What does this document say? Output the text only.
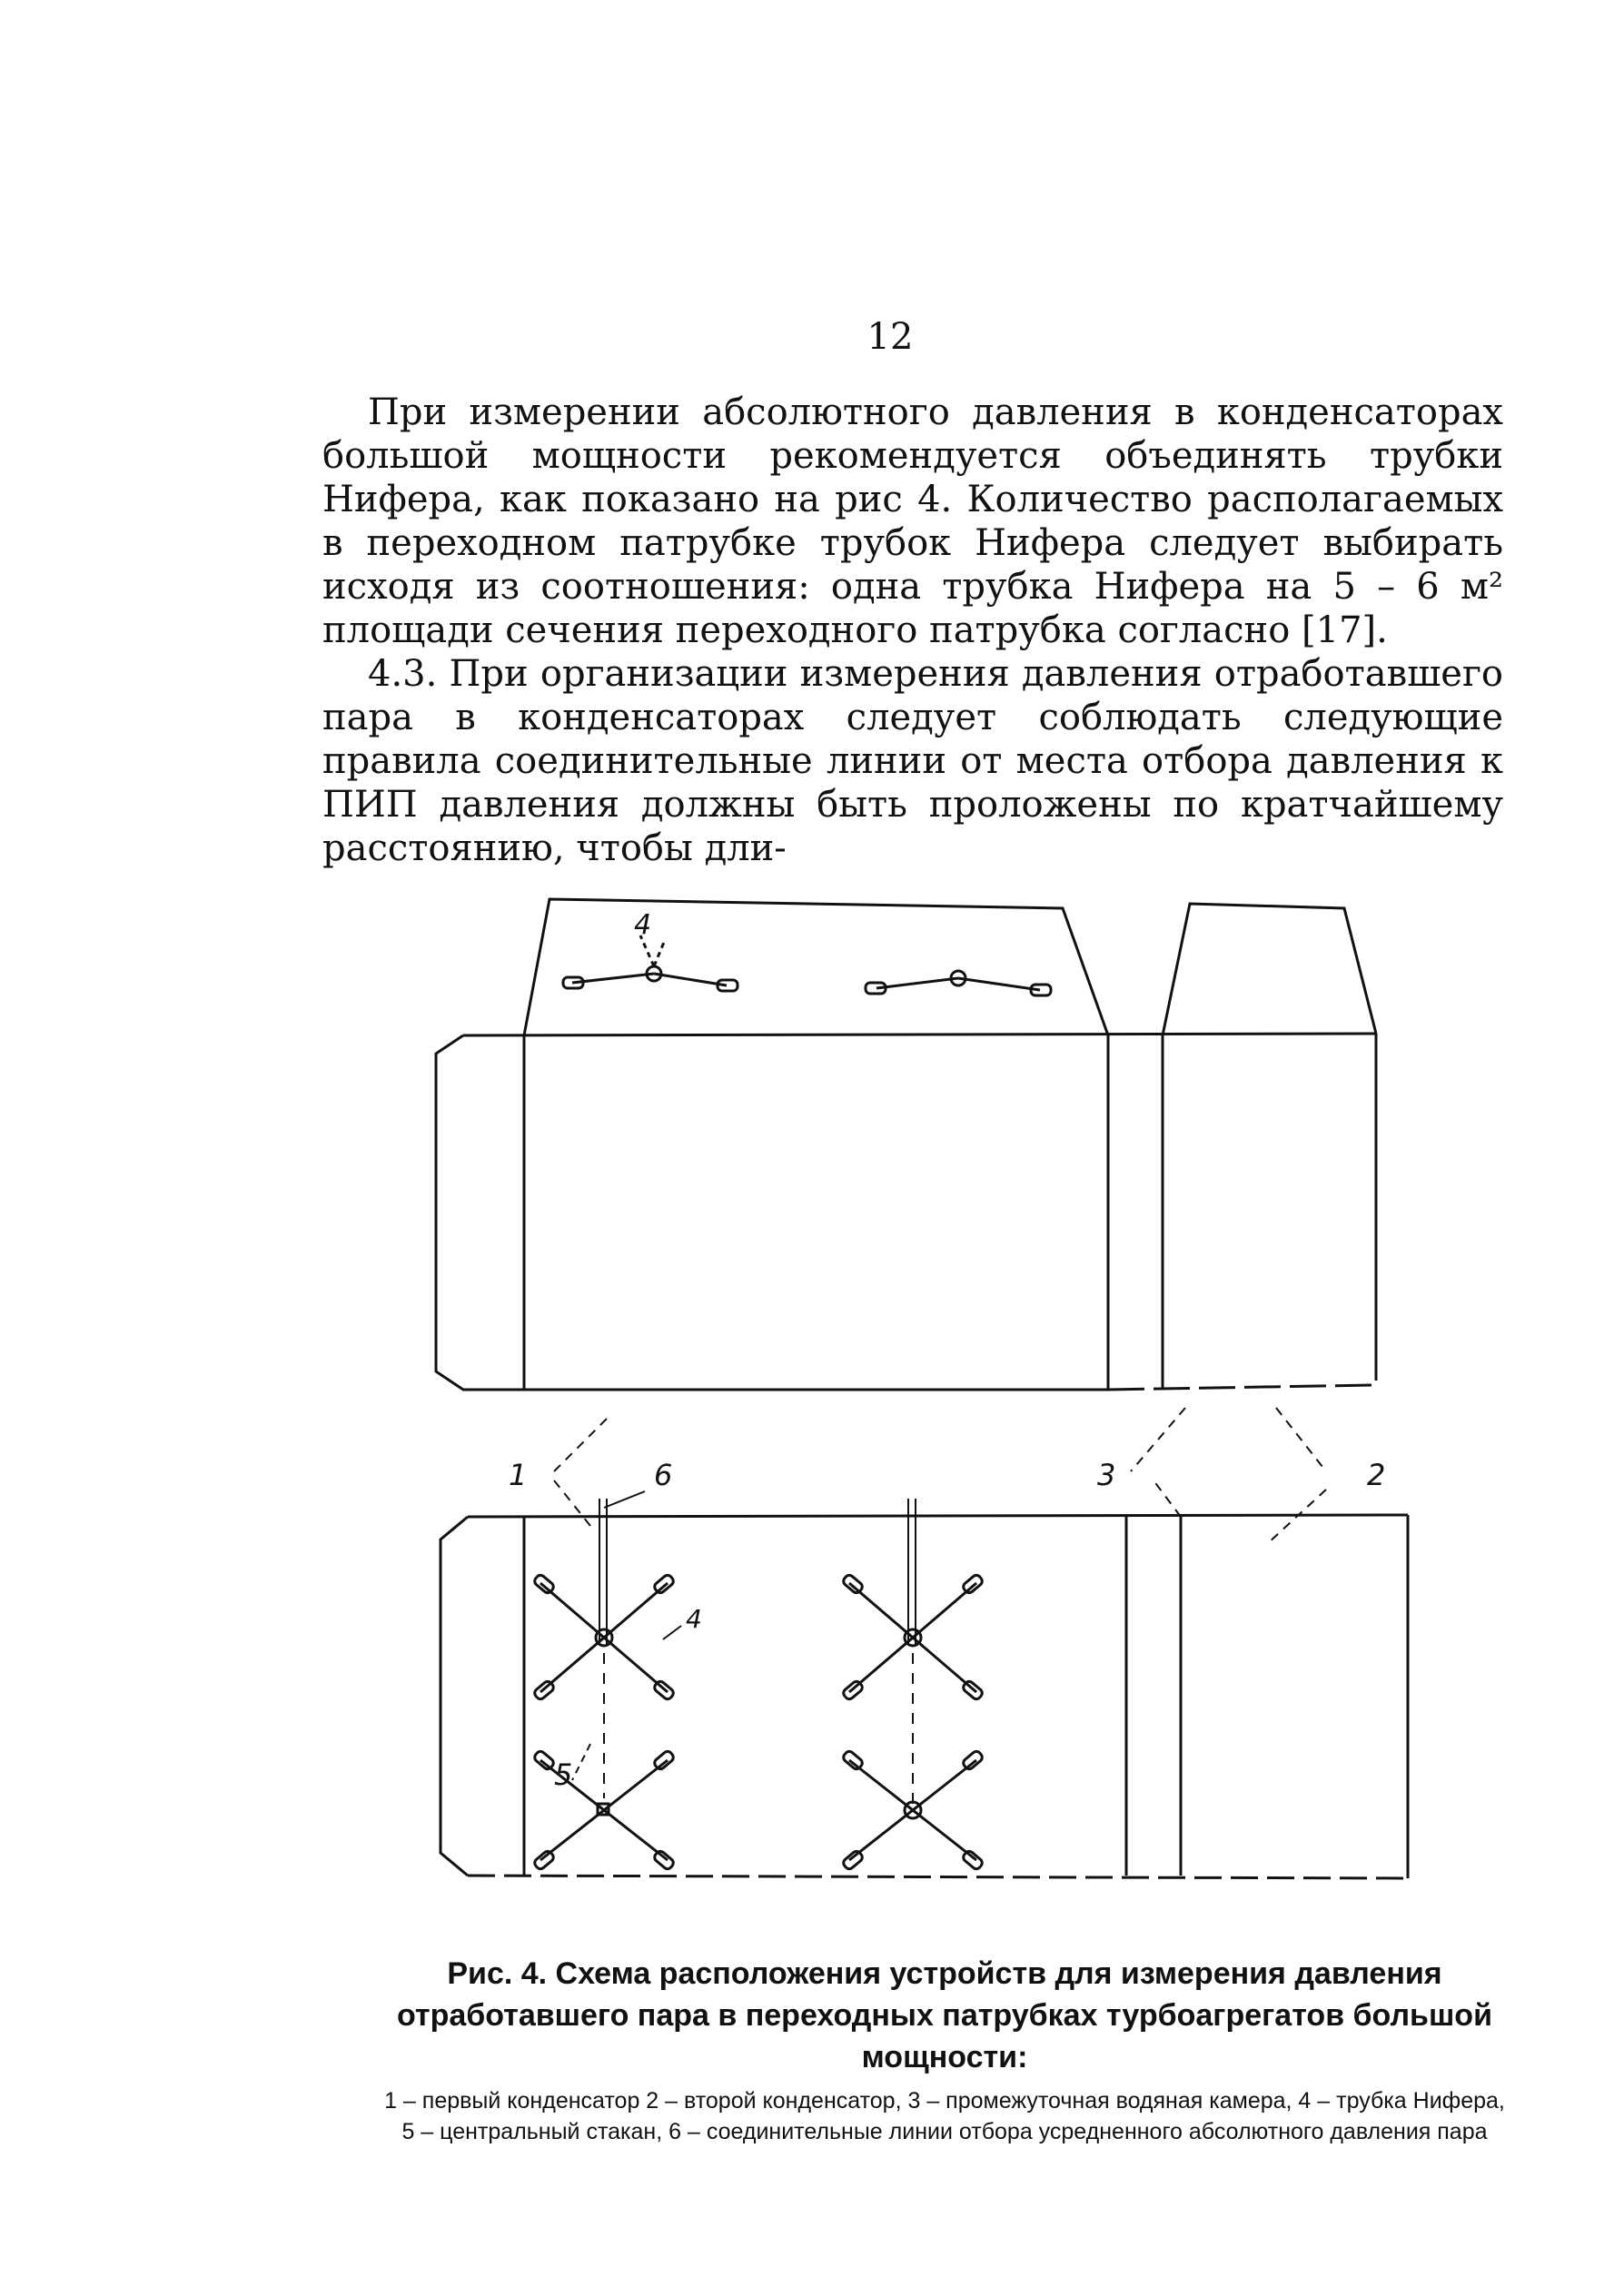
12

При измерении абсолютного давления в конденсаторах большой мощности рекомендуется объединять трубки Нифера, как показано на рис 4. Количество располагаемых в переходном патрубке трубок Нифера следует выбирать исходя из соотношения: одна трубка Нифера на 5 – 6 м² площади сечения переходного патрубка согласно [17].

4.3. При организации измерения давления отработавшего пара в конденсаторах следует соблюдать следующие правила соединительные линии от места отбора давления к ПИП давления должны быть проложены по кратчайшему расстоянию, чтобы дли-

4
1	6	3	2
4
5

Рис. 4. Схема расположения устройств для измерения давления отработавшего пара в переходных патрубках турбоагрегатов большой мощности:

1 – первый конденсатор 2 – второй конденсатор, 3 – промежуточная водяная камера, 4 – трубка Нифера, 5 – центральный стакан, 6 – соединительные линии отбора усредненного абсолютного давления пара
